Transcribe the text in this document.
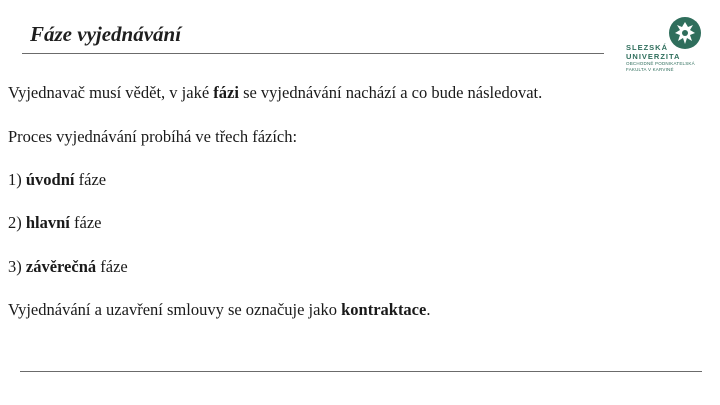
Fáze vyjednávání
SLEZSKÁ
UNIVERZITA
OBCHODNĚ PODNIKATELSKÁ
FAKULTA V KARVINÉ

Vyjednavač musí vědět, v jaké fázi se vyjednávání nachází a co bude následovat.

Proces vyjednávání probíhá ve třech fázích:

1) úvodní fáze

2) hlavní fáze

3) závěrečná fáze

Vyjednávání a uzavření smlouvy se označuje jako kontraktace.
